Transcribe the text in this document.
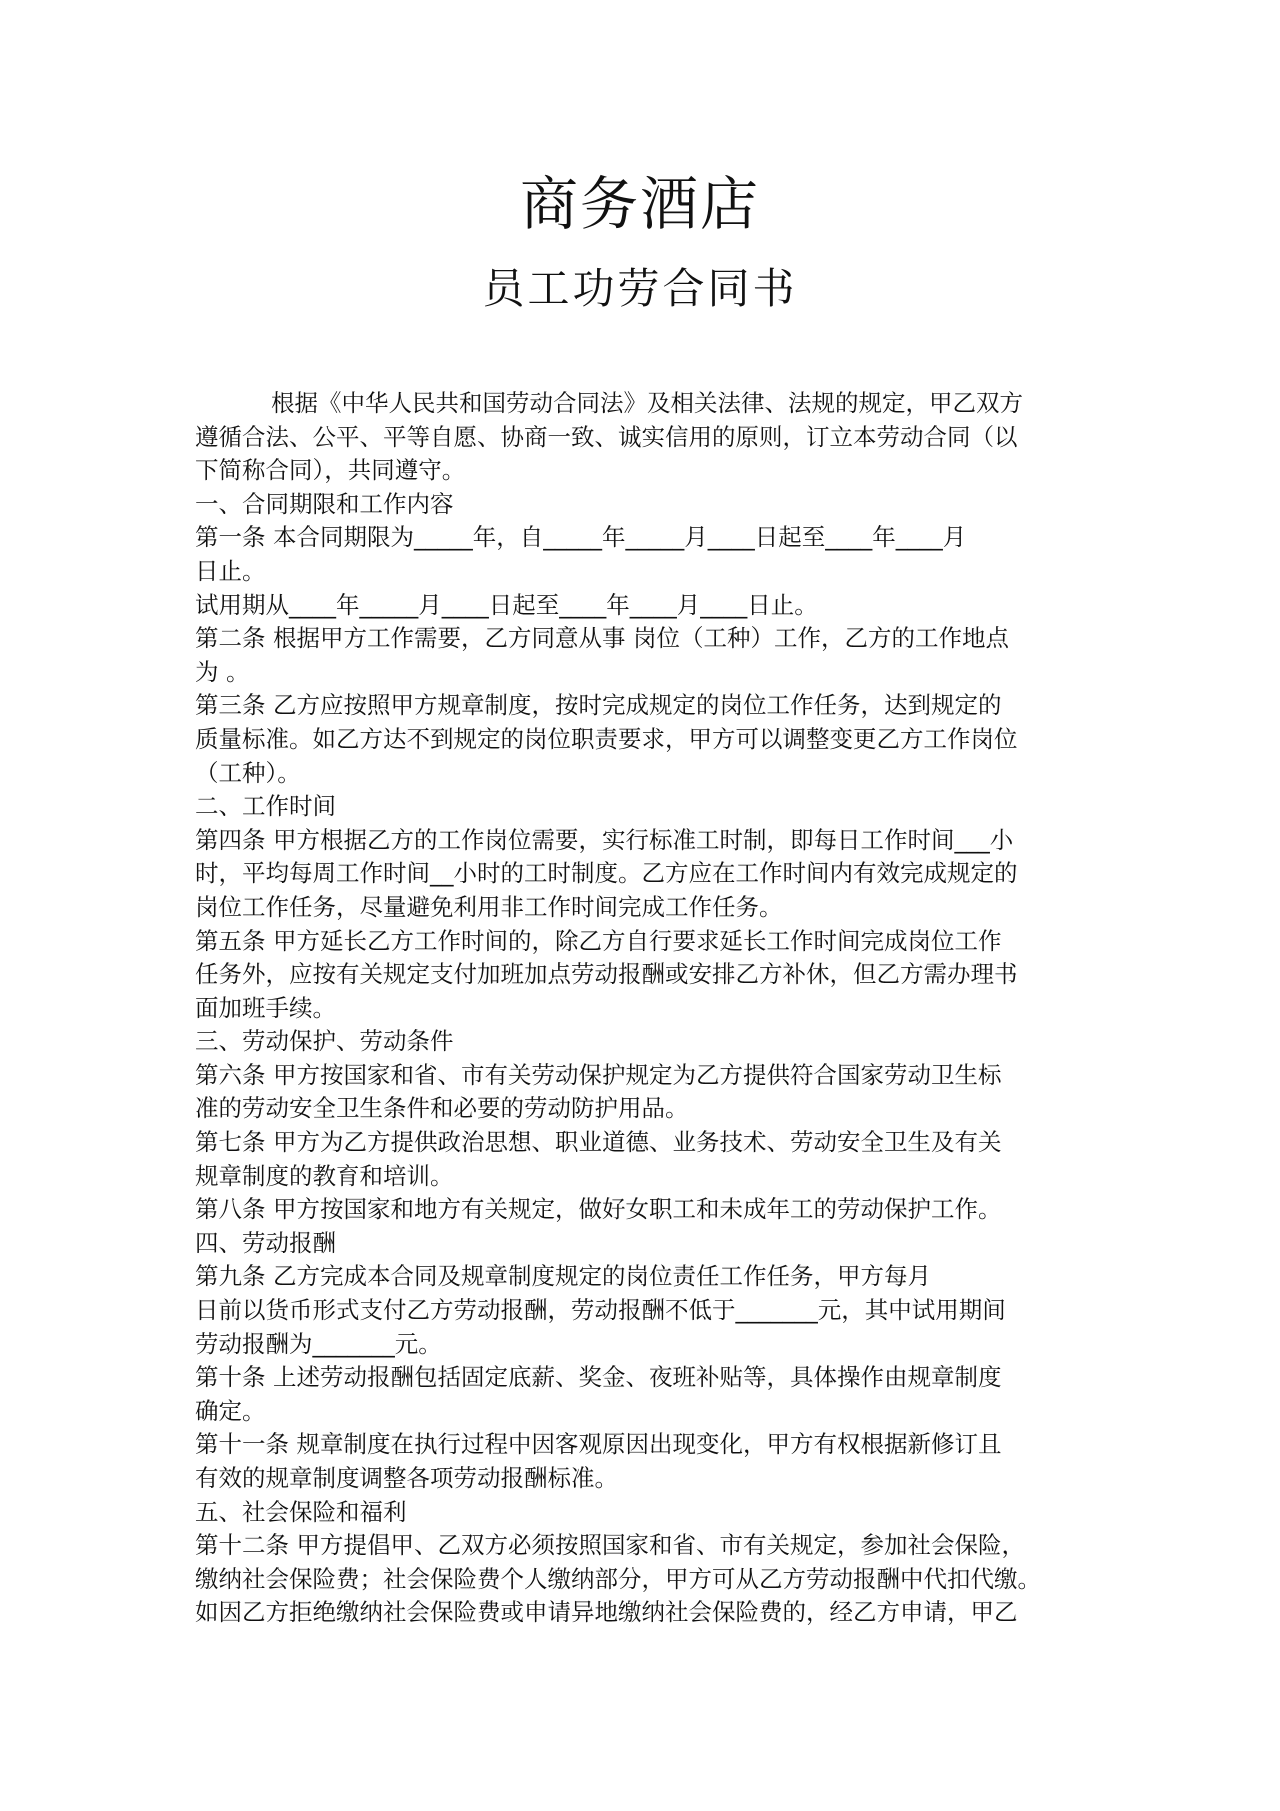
商务酒店
员工功劳合同书

根据《中华人民共和国劳动合同法》及相关法律、法规的规定，甲乙双方

遵循合法、公平、平等自愿、协商一致、诚实信用的原则，订立本劳动合同（以

下简称合同），共同遵守。

一、合同期限和工作内容

第一条 本合同期限为_____年，自_____年_____月____日起至____年____月

日止。

试用期从____年_____月____日起至____年____月____日止。

第二条 根据甲方工作需要，乙方同意从事 岗位（工种）工作，乙方的工作地点

为 。

第三条 乙方应按照甲方规章制度，按时完成规定的岗位工作任务，达到规定的

质量标准。如乙方达不到规定的岗位职责要求，甲方可以调整变更乙方工作岗位

（工种）。

二、工作时间

第四条 甲方根据乙方的工作岗位需要，实行标准工时制，即每日工作时间___小

时，平均每周工作时间__小时的工时制度。乙方应在工作时间内有效完成规定的

岗位工作任务，尽量避免利用非工作时间完成工作任务。

第五条 甲方延长乙方工作时间的，除乙方自行要求延长工作时间完成岗位工作

任务外，应按有关规定支付加班加点劳动报酬或安排乙方补休，但乙方需办理书

面加班手续。

三、劳动保护、劳动条件

第六条 甲方按国家和省、市有关劳动保护规定为乙方提供符合国家劳动卫生标

准的劳动安全卫生条件和必要的劳动防护用品。

第七条 甲方为乙方提供政治思想、职业道德、业务技术、劳动安全卫生及有关

规章制度的教育和培训。

第八条 甲方按国家和地方有关规定，做好女职工和未成年工的劳动保护工作。

四、劳动报酬

第九条 乙方完成本合同及规章制度规定的岗位责任工作任务，甲方每月

日前以货币形式支付乙方劳动报酬，劳动报酬不低于_______元，其中试用期间

劳动报酬为_______元。

第十条 上述劳动报酬包括固定底薪、奖金、夜班补贴等，具体操作由规章制度

确定。

第十一条 规章制度在执行过程中因客观原因出现变化，甲方有权根据新修订且

有效的规章制度调整各项劳动报酬标准。

五、社会保险和福利

第十二条 甲方提倡甲、乙双方必须按照国家和省、市有关规定，参加社会保险，

缴纳社会保险费；社会保险费个人缴纳部分，甲方可从乙方劳动报酬中代扣代缴。

如因乙方拒绝缴纳社会保险费或申请异地缴纳社会保险费的，经乙方申请，甲乙
